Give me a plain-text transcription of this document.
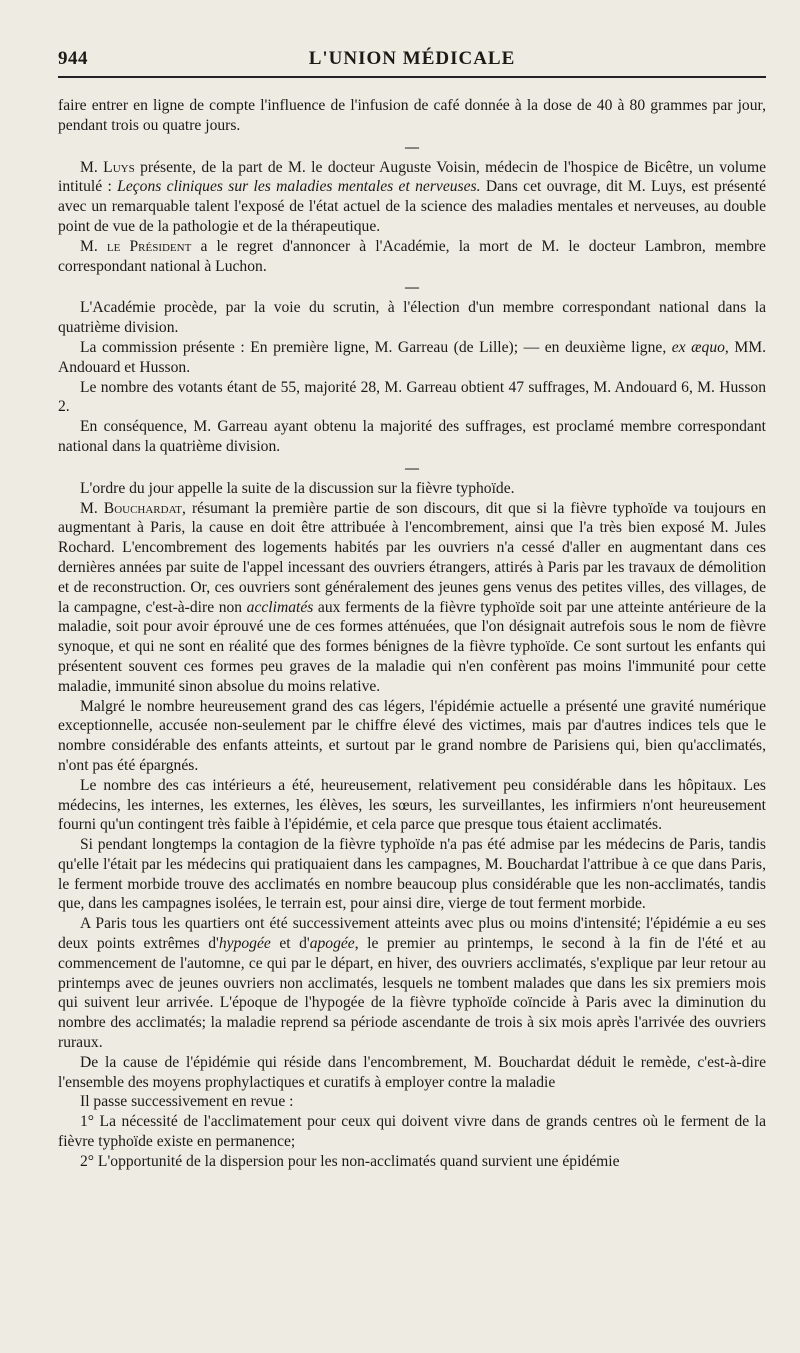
944	L'UNION MÉDICALE

faire entrer en ligne de compte l'influence de l'infusion de café donnée à la dose de 40 à 80 grammes par jour, pendant trois ou quatre jours.

—

M. Luys présente, de la part de M. le docteur Auguste Voisin, médecin de l'hospice de Bicêtre, un volume intitulé : Leçons cliniques sur les maladies mentales et nerveuses. Dans cet ouvrage, dit M. Luys, est présenté avec un remarquable talent l'exposé de l'état actuel de la science des maladies mentales et nerveuses, au double point de vue de la pathologie et de la thérapeutique.

M. le Président a le regret d'annoncer à l'Académie, la mort de M. le docteur Lambron, membre correspondant national à Luchon.

—

L'Académie procède, par la voie du scrutin, à l'élection d'un membre correspondant national dans la quatrième division.

La commission présente : En première ligne, M. Garreau (de Lille); — en deuxième ligne, ex æquo, MM. Andouard et Husson.

Le nombre des votants étant de 55, majorité 28, M. Garreau obtient 47 suffrages, M. Andouard 6, M. Husson 2.

En conséquence, M. Garreau ayant obtenu la majorité des suffrages, est proclamé membre correspondant national dans la quatrième division.

—

L'ordre du jour appelle la suite de la discussion sur la fièvre typhoïde.

M. Bouchardat, résumant la première partie de son discours, dit que si la fièvre typhoïde va toujours en augmentant à Paris, la cause en doit être attribuée à l'encombrement, ainsi que l'a très bien exposé M. Jules Rochard. L'encombrement des logements habités par les ouvriers n'a cessé d'aller en augmentant dans ces dernières années par suite de l'appel incessant des ouvriers étrangers, attirés à Paris par les travaux de démolition et de reconstruction. Or, ces ouvriers sont généralement des jeunes gens venus des petites villes, des villages, de la campagne, c'est-à-dire non acclimatés aux ferments de la fièvre typhoïde soit par une atteinte antérieure de la maladie, soit pour avoir éprouvé une de ces formes atténuées, que l'on désignait autrefois sous le nom de fièvre synoque, et qui ne sont en réalité que des formes bénignes de la fièvre typhoïde. Ce sont surtout les enfants qui présentent souvent ces formes peu graves de la maladie qui n'en confèrent pas moins l'immunité pour cette maladie, immunité sinon absolue du moins relative.

Malgré le nombre heureusement grand des cas légers, l'épidémie actuelle a présenté une gravité numérique exceptionnelle, accusée non-seulement par le chiffre élevé des victimes, mais par d'autres indices tels que le nombre considérable des enfants atteints, et surtout par le grand nombre de Parisiens qui, bien qu'acclimatés, n'ont pas été épargnés.

Le nombre des cas intérieurs a été, heureusement, relativement peu considérable dans les hôpitaux. Les médecins, les internes, les externes, les élèves, les sœurs, les surveillantes, les infirmiers n'ont heureusement fourni qu'un contingent très faible à l'épidémie, et cela parce que presque tous étaient acclimatés.

Si pendant longtemps la contagion de la fièvre typhoïde n'a pas été admise par les médecins de Paris, tandis qu'elle l'était par les médecins qui pratiquaient dans les campagnes, M. Bouchardat l'attribue à ce que dans Paris, le ferment morbide trouve des acclimatés en nombre beaucoup plus considérable que les non-acclimatés, tandis que, dans les campagnes isolées, le terrain est, pour ainsi dire, vierge de tout ferment morbide.

A Paris tous les quartiers ont été successivement atteints avec plus ou moins d'intensité; l'épidémie a eu ses deux points extrêmes d'hypogée et d'apogée, le premier au printemps, le second à la fin de l'été et au commencement de l'automne, ce qui par le départ, en hiver, des ouvriers acclimatés, s'explique par leur retour au printemps avec de jeunes ouvriers non acclimatés, lesquels ne tombent malades que dans les six premiers mois qui suivent leur arrivée. L'époque de l'hypogée de la fièvre typhoïde coïncide à Paris avec la diminution du nombre des acclimatés; la maladie reprend sa période ascendante de trois à six mois après l'arrivée des ouvriers ruraux.

De la cause de l'épidémie qui réside dans l'encombrement, M. Bouchardat déduit le remède, c'est-à-dire l'ensemble des moyens prophylactiques et curatifs à employer contre la maladie

Il passe successivement en revue :

1° La nécessité de l'acclimatement pour ceux qui doivent vivre dans de grands centres où le ferment de la fièvre typhoïde existe en permanence;

2° L'opportunité de la dispersion pour les non-acclimatés quand survient une épidémie
